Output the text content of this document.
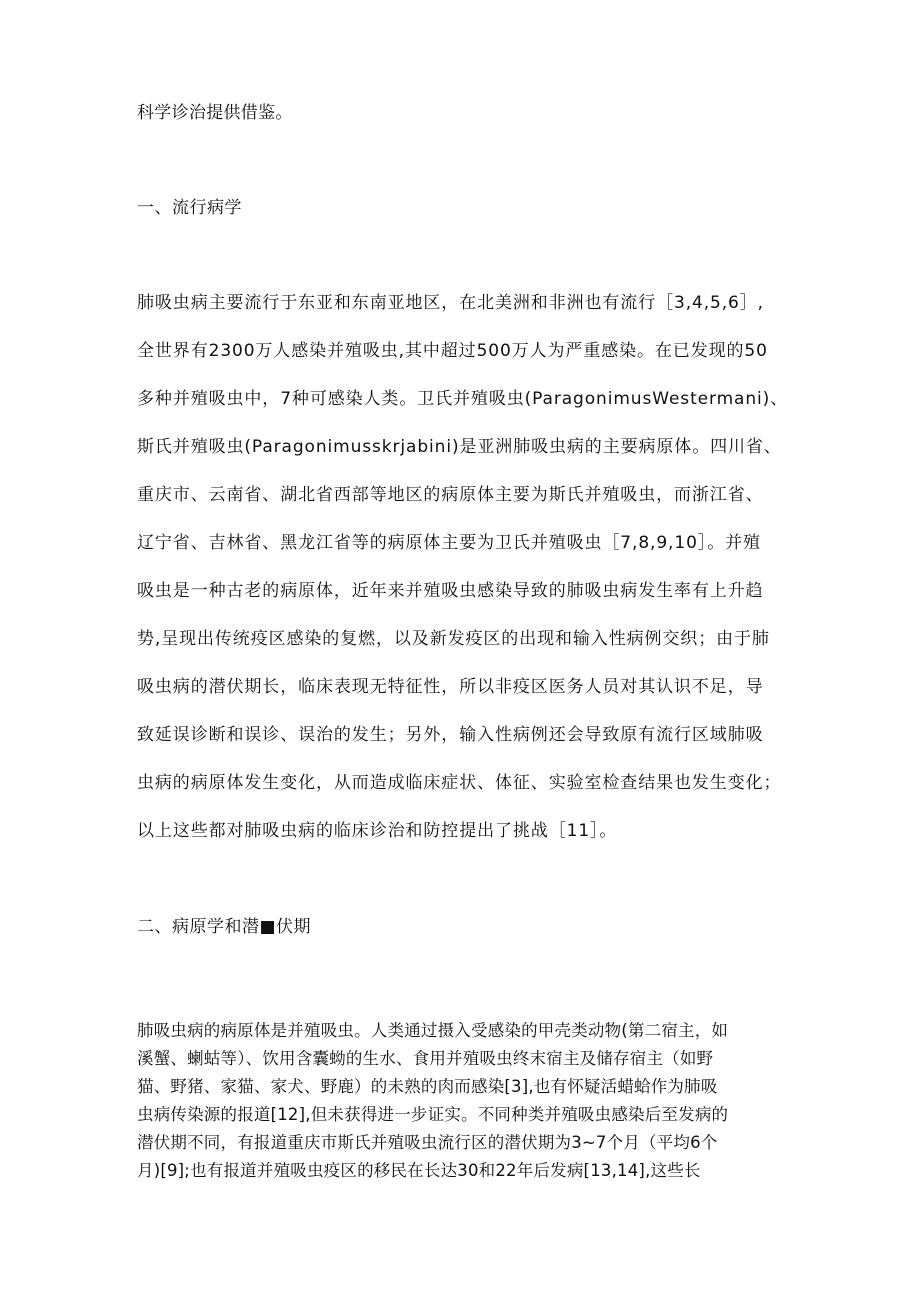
科学诊治提供借鉴。
一、流行病学
肺吸虫病主要流行于东亚和东南亚地区，在北美洲和非洲也有流行［3,4,5,6］,
全世界有2300万人感染并殖吸虫,其中超过500万人为严重感染。在已发现的50
多种并殖吸虫中，7种可感染人类。卫氏并殖吸虫(ParagonimusWestermani)、
斯氏并殖吸虫(Paragonimusskrjabini)是亚洲肺吸虫病的主要病原体。四川省、
重庆市、云南省、湖北省西部等地区的病原体主要为斯氏并殖吸虫，而浙江省、
辽宁省、吉林省、黑龙江省等的病原体主要为卫氏并殖吸虫［7,8,9,10］。并殖
吸虫是一种古老的病原体，近年来并殖吸虫感染导致的肺吸虫病发生率有上升趋
势,呈现出传统疫区感染的复燃，以及新发疫区的出现和输入性病例交织；由于肺
吸虫病的潜伏期长，临床表现无特征性，所以非疫区医务人员对其认识不足，导
致延误诊断和误诊、误治的发生；另外，输入性病例还会导致原有流行区域肺吸
虫病的病原体发生变化，从而造成临床症状、体征、实验室检查结果也发生变化；
以上这些都对肺吸虫病的临床诊治和防控提出了挑战［11］。
二、病原学和潜■伏期
肺吸虫病的病原体是并殖吸虫。人类通过摄入受感染的甲壳类动物(第二宿主，如
溪蟹、蝲蛄等）、饮用含囊蚴的生水、食用并殖吸虫终末宿主及储存宿主（如野
猫、野猪、家猫、家犬、野鹿）的未熟的肉而感染[3],也有怀疑活蜡蛤作为肺吸
虫病传染源的报道[12],但未获得进一步证实。不同种类并殖吸虫感染后至发病的
潜伏期不同，有报道重庆市斯氏并殖吸虫流行区的潜伏期为3~7个月（平均6个
月)[9];也有报道并殖吸虫疫区的移民在长达30和22年后发病[13,14],这些长
